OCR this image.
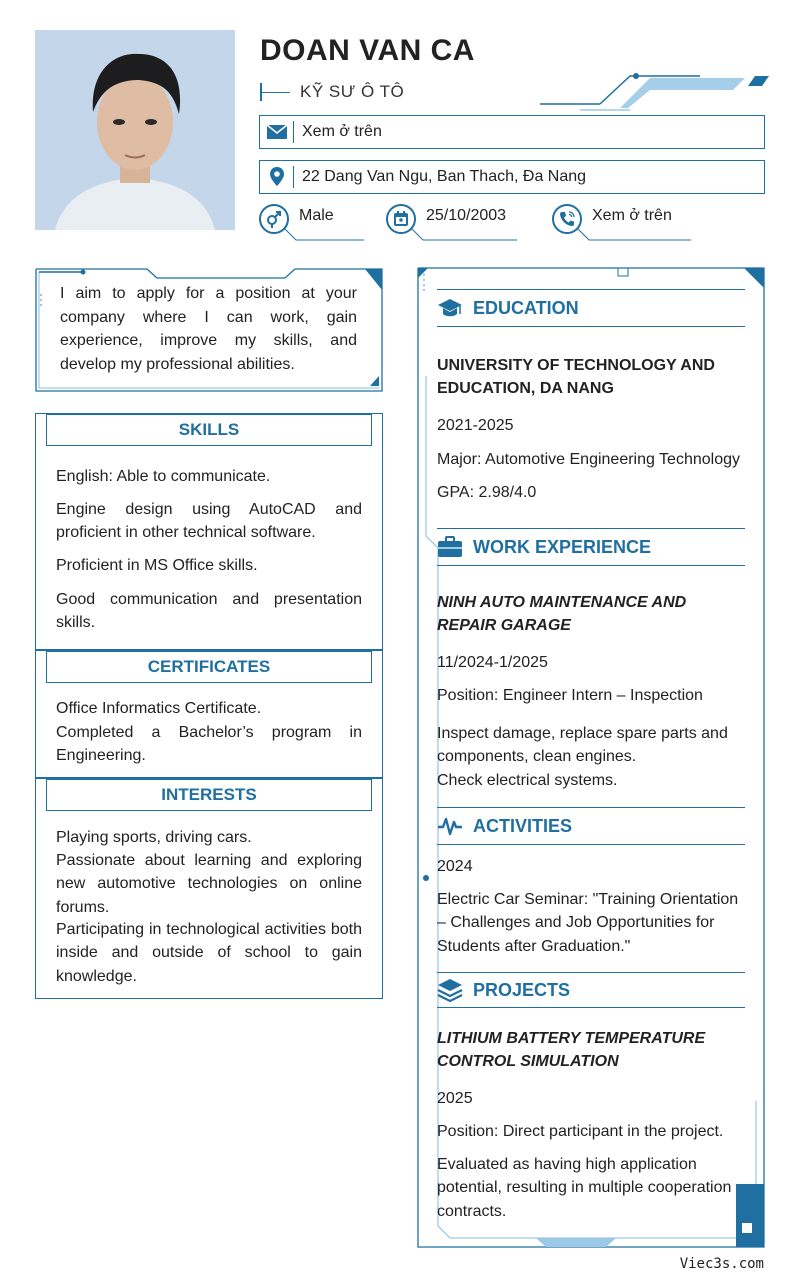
DOAN VAN CA
KỸ SƯ Ô TÔ
Xem ở trên
22 Dang Van Ngu, Ban Thach, Đa Nang
Male	25/10/2003	Xem ở trên

I aim to apply for a position at your company where I can work, gain experience, improve my skills, and develop my professional abilities.

SKILLS
English: Able to communicate.
Engine design using AutoCAD and proficient in other technical software.
Proficient in MS Office skills.
Good communication and presentation skills.
CERTIFICATES
Office Informatics Certificate.
Completed a Bachelor’s program in Engineering.
INTERESTS
Playing sports, driving cars.
Passionate about learning and exploring new automotive technologies on online forums.
Participating in technological activities both inside and outside of school to gain knowledge.
EDUCATION
UNIVERSITY OF TECHNOLOGY AND EDUCATION, DA NANG
2021-2025
Major: Automotive Engineering Technology
GPA: 2.98/4.0
WORK EXPERIENCE
NINH AUTO MAINTENANCE AND REPAIR GARAGE
11/2024-1/2025
Position: Engineer Intern – Inspection
Inspect damage, replace spare parts and components, clean engines.
Check electrical systems.
ACTIVITIES
2024
Electric Car Seminar: "Training Orientation – Challenges and Job Opportunities for Students after Graduation."
PROJECTS
LITHIUM BATTERY TEMPERATURE CONTROL SIMULATION
2025
Position: Direct participant in the project.
Evaluated as having high application potential, resulting in multiple cooperation contracts.
Viec3s.com
